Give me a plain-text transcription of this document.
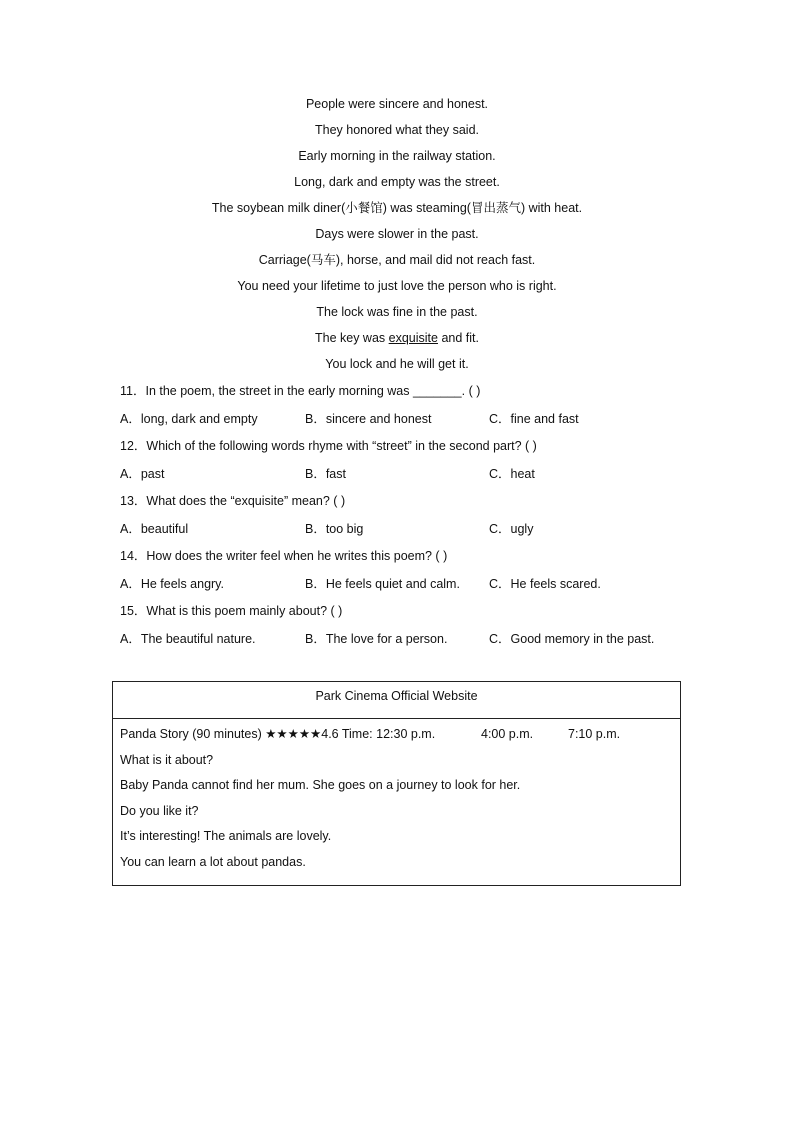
People were sincere and honest.
They honored what they said.
Early morning in the railway station.
Long, dark and empty was the street.
The soybean milk diner(小餐馆) was steaming(冒出蒸气) with heat.
Days were slower in the past.
Carriage(马车), horse, and mail did not reach fast.
You need your lifetime to just love the person who is right.
The lock was fine in the past.
The key was exquisite and fit.
You lock and he will get it.
11．In the poem, the street in the early morning was _______. ( )
A．long, dark and empty	B．sincere and honest	C．fine and fast
12．Which of the following words rhyme with “street” in the second part? ( )
A．past	B．fast	C．heat
13．What does the “exquisite” mean? ( )
A．beautiful	B．too big	C．ugly
14．How does the writer feel when he writes this poem? ( )
A．He feels angry.	B．He feels quiet and calm. C．He feels scared.
15．What is this poem mainly about? ( )
A．The beautiful nature.	B．The love for a person.	C．Good memory in the past.
Park Cinema Official Website
Panda Story (90 minutes) ★★★★★4.6 Time: 12:30 p.m.	4:00 p.m.	7:10 p.m.
What is it about?
Baby Panda cannot find her mum. She goes on a journey to look for her.
Do you like it?
It’s interesting! The animals are lovely.
You can learn a lot about pandas.
